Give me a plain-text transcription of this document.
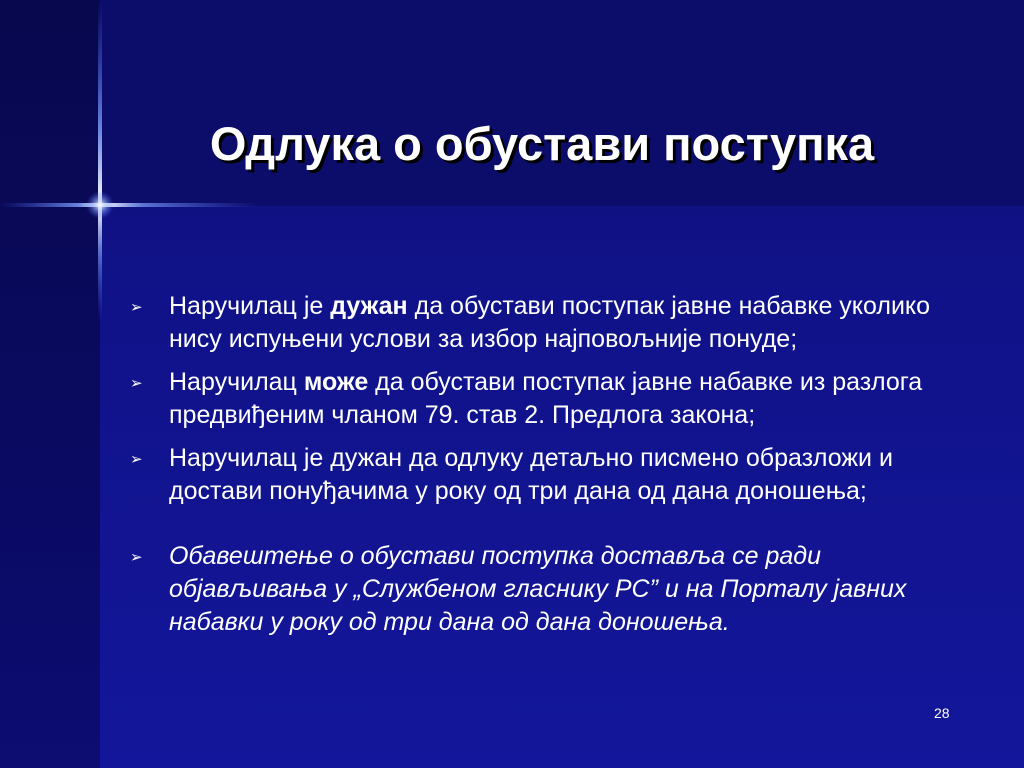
Одлука о обустави поступка
➢ Наручилац је дужан да обустави поступак јавне набавке уколико нису испуњени услови за избор најповољније понуде;
➢ Наручилац може да обустави поступак јавне набавке из разлога предвиђеним чланом 79. став 2. Предлога закона;
➢ Наручилац је дужан да одлуку детаљно писмено образложи и достави понуђачима у року од три дана од дана доношења;
➢ Обавештење о обустави поступка доставља се ради објављивања у „Службеном гласнику РС” и на Порталу јавних набавки у року од три дана од дана доношења.
28
